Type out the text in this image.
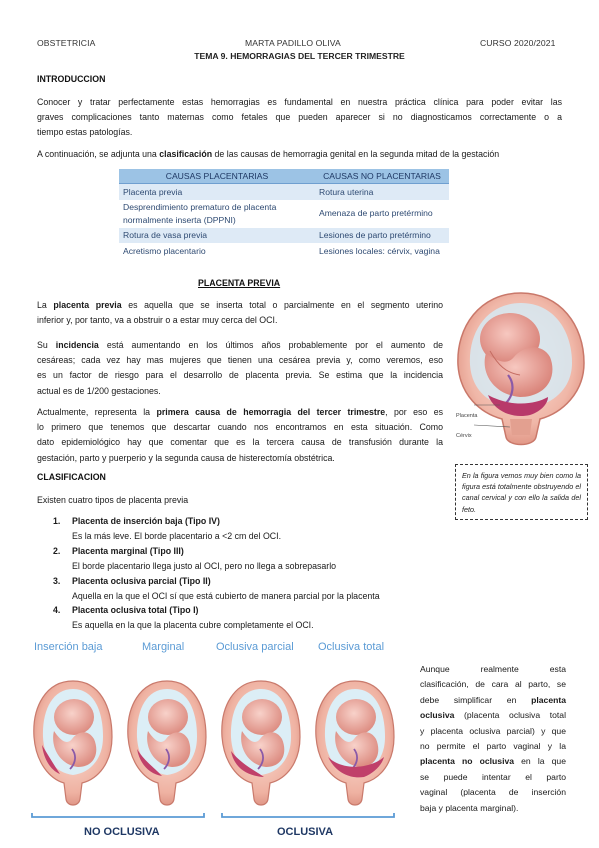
OBSTETRICIA	MARTA PADILLO OLIVA	CURSO 2020/2021
TEMA 9. HEMORRAGIAS DEL TERCER TRIMESTRE
INTRODUCCION
Conocer y tratar perfectamente estas hemorragias es fundamental en nuestra práctica clínica para poder evitar las
graves complicaciones tanto maternas como fetales que pueden aparecer si no diagnosticamos correctamente o a
tiempo estas patologías.
A continuación, se adjunta una clasificación de las causas de hemorragia genital en la segunda mitad de la gestación
CAUSAS PLACENTARIAS	CAUSAS NO PLACENTARIAS
Placenta previa	Rotura uterina
Desprendimiento prematuro de placenta normalmente inserta (DPPNI)	Amenaza de parto pretérmino
Rotura de vasa previa	Lesiones de parto pretérmino
Acretismo placentario	Lesiones locales: cérvix, vagina
PLACENTA PREVIA
La placenta previa es aquella que se inserta total o parcialmente en el segmento uterino
inferior y, por tanto, va a obstruir o a estar muy cerca del OCI.
Su incidencia está aumentando en los últimos años probablemente por el aumento de
cesáreas; cada vez hay mas mujeres que tienen una cesárea previa y, como veremos, eso
es un factor de riesgo para el desarrollo de placenta previa. Se estima que la incidencia
actual es de 1/200 gestaciones.
Actualmente, representa la primera causa de hemorragia del tercer trimestre, por eso es
lo primero que tenemos que descartar cuando nos encontramos en esta situación. Como
dato epidemiológico hay que comentar que es la tercera causa de transfusión durante la
gestación, parto y puerperio y la segunda causa de histerectomía obstétrica.
Placenta
Cérvix
En la figura vemos muy bien como la figura está totalmente obstruyendo el canal cervical y con ello la salida del feto.
CLASIFICACION
Existen cuatro tipos de placenta previa
1. Placenta de inserción baja (Tipo IV)
Es la más leve. El borde placentario a <2 cm del OCI.
2. Placenta marginal (Tipo III)
El borde placentario llega justo al OCI, pero no llega a sobrepasarlo
3. Placenta oclusiva parcial (Tipo II)
Aquella en la que el OCI sí que está cubierto de manera parcial por la placenta
4. Placenta oclusiva total (Tipo I)
Es aquella en la que la placenta cubre completamente el OCI.
Inserción baja	Marginal	Oclusiva parcial Oclusiva total
NO OCLUSIVA	OCLUSIVA
Aunque realmente esta
clasificación, de cara al parto, se
debe simplificar en placenta
oclusiva (placenta oclusiva total
y placenta oclusiva parcial) y que
no permite el parto vaginal y la
placenta no oclusiva en la que
se puede intentar el parto
vaginal (placenta de inserción
baja y placenta marginal).
